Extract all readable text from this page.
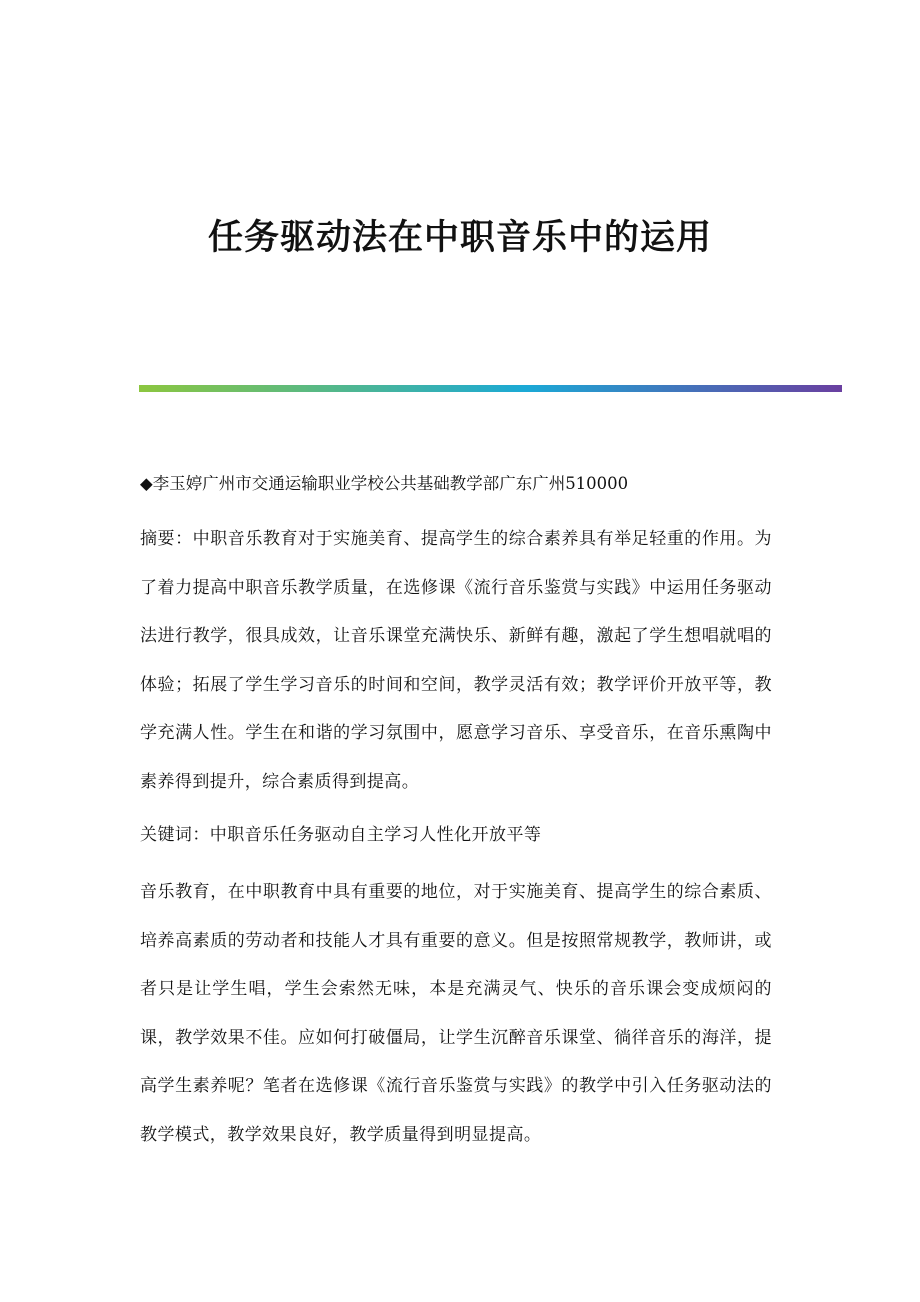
任务驱动法在中职音乐中的运用
◆李玉婷广州市交通运输职业学校公共基础教学部广东广州510000

摘要：中职音乐教育对于实施美育、提高学生的综合素养具有举足轻重的作用。为了着力提高中职音乐教学质量，在选修课《流行音乐鉴赏与实践》中运用任务驱动法进行教学，很具成效，让音乐课堂充满快乐、新鲜有趣，激起了学生想唱就唱的体验；拓展了学生学习音乐的时间和空间，教学灵活有效；教学评价开放平等，教学充满人性。学生在和谐的学习氛围中，愿意学习音乐、享受音乐，在音乐熏陶中素养得到提升，综合素质得到提高。

关键词：中职音乐任务驱动自主学习人性化开放平等

音乐教育，在中职教育中具有重要的地位，对于实施美育、提高学生的综合素质、培养高素质的劳动者和技能人才具有重要的意义。但是按照常规教学，教师讲，或者只是让学生唱，学生会索然无味，本是充满灵气、快乐的音乐课会变成烦闷的课，教学效果不佳。应如何打破僵局，让学生沉醉音乐课堂、徜徉音乐的海洋，提高学生素养呢？笔者在选修课《流行音乐鉴赏与实践》的教学中引入任务驱动法的教学模式，教学效果良好，教学质量得到明显提高。
